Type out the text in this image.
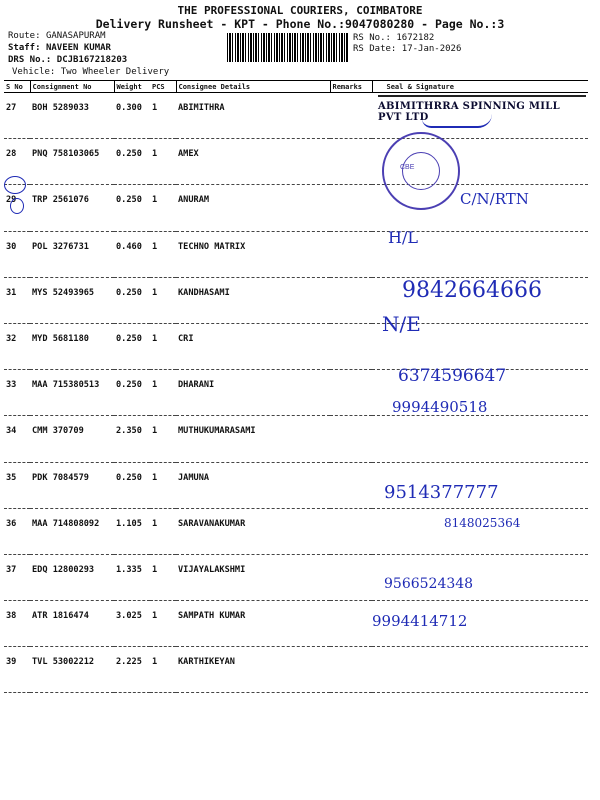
THE PROFESSIONAL COURIERS, COIMBATORE
Delivery Runsheet - KPT - Phone No.:9047080280 - Page No.:3
Route: GANASAPURAM
Staff: NAVEEN KUMAR
DRS No.: DCJB167218203
Vehicle: Two Wheeler Delivery
RS No.: 1672182
RS Date: 17-Jan-2026
S No	Consignment No	Weight	PCS	Consignee Details	Remarks	Seal & Signature

27	BOH 5289033	0.300	1	ABIMITHRA		

28	PNQ 758103065	0.250	1	AMEX		

29	TRP 2561076	0.250	1	ANURAM		

30	POL 3276731	0.460	1	TECHNO MATRIX		

31	MYS 52493965	0.250	1	KANDHASAMI		

32	MYD 5681180	0.250	1	CRI		

33	MAA 715380513	0.250	1	DHARANI		

34	CMM 370709	2.350	1	MUTHUKUMARASAMI		

35	PDK 7084579	0.250	1	JAMUNA		

36	MAA 714808092	1.105	1	SARAVANAKUMAR		

37	EDQ 12800293	1.335	1	VIJAYALAKSHMI		

38	ATR 1816474	3.025	1	SAMPATH KUMAR		

39	TVL 53002212	2.225	1	KARTHIKEYAN		

ABIMITHRRA SPINNING MILL PVT LTD
CBE
C/N/RTN
H/L
9842664666
N/E
6374596647
9994490518
9514377777
8148025364
9566524348
9994414712
